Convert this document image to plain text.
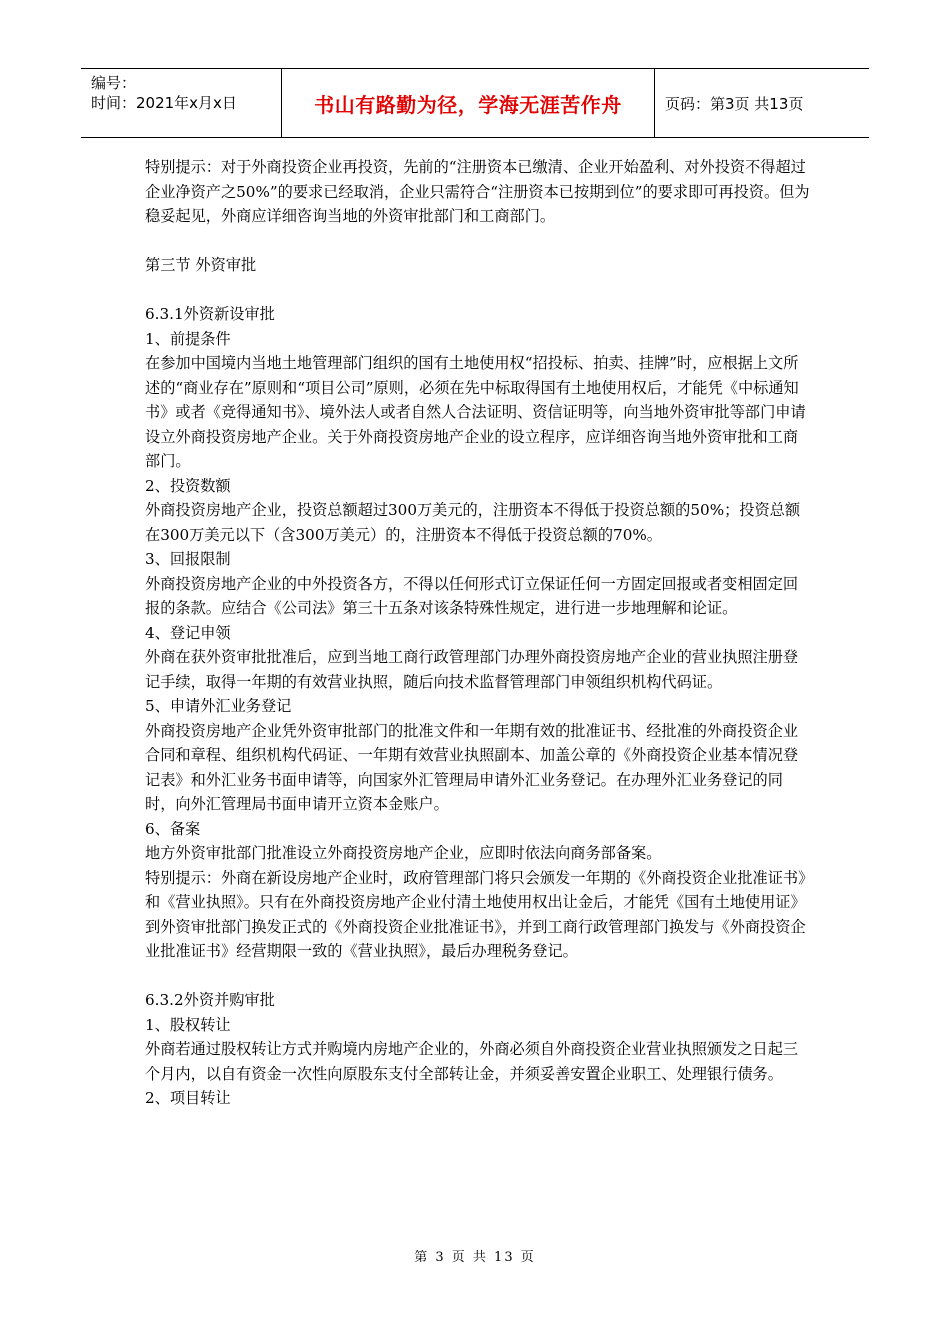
编号：
时间：2021年x月x日	书山有路勤为径，学海无涯苦作舟	页码：第3页 共13页

特别提示：对于外商投资企业再投资，先前的“注册资本已缴清、企业开始盈利、对外投资不得超过企业净资产之50%”的要求已经取消，企业只需符合“注册资本已按期到位”的要求即可再投资。但为稳妥起见，外商应详细咨询当地的外资审批部门和工商部门。

第三节 外资审批

6.3.1外资新设审批

1、前提条件

在参加中国境内当地土地管理部门组织的国有土地使用权“招投标、拍卖、挂牌”时，应根据上文所述的“商业存在”原则和“项目公司”原则，必须在先中标取得国有土地使用权后，才能凭《中标通知书》或者《竞得通知书》、境外法人或者自然人合法证明、资信证明等，向当地外资审批等部门申请设立外商投资房地产企业。关于外商投资房地产企业的设立程序，应详细咨询当地外资审批和工商部门。

2、投资数额

外商投资房地产企业，投资总额超过300万美元的，注册资本不得低于投资总额的50%；投资总额在300万美元以下（含300万美元）的，注册资本不得低于投资总额的70%。

3、回报限制

外商投资房地产企业的中外投资各方，不得以任何形式订立保证任何一方固定回报或者变相固定回报的条款。应结合《公司法》第三十五条对该条特殊性规定，进行进一步地理解和论证。

4、登记申领

外商在获外资审批批准后，应到当地工商行政管理部门办理外商投资房地产企业的营业执照注册登记手续，取得一年期的有效营业执照，随后向技术监督管理部门申领组织机构代码证。

5、申请外汇业务登记

外商投资房地产企业凭外资审批部门的批准文件和一年期有效的批准证书、经批准的外商投资企业合同和章程、组织机构代码证、一年期有效营业执照副本、加盖公章的《外商投资企业基本情况登记表》和外汇业务书面申请等，向国家外汇管理局申请外汇业务登记。在办理外汇业务登记的同时，向外汇管理局书面申请开立资本金账户。

6、备案

地方外资审批部门批准设立外商投资房地产企业，应即时依法向商务部备案。

特别提示：外商在新设房地产企业时，政府管理部门将只会颁发一年期的《外商投资企业批准证书》和《营业执照》。只有在外商投资房地产企业付清土地使用权出让金后，才能凭《国有土地使用证》到外资审批部门换发正式的《外商投资企业批准证书》，并到工商行政管理部门换发与《外商投资企业批准证书》经营期限一致的《营业执照》，最后办理税务登记。

6.3.2外资并购审批

1、股权转让

外商若通过股权转让方式并购境内房地产企业的，外商必须自外商投资企业营业执照颁发之日起三个月内，以自有资金一次性向原股东支付全部转让金，并须妥善安置企业职工、处理银行债务。

2、项目转让

第 3 页 共 13 页
